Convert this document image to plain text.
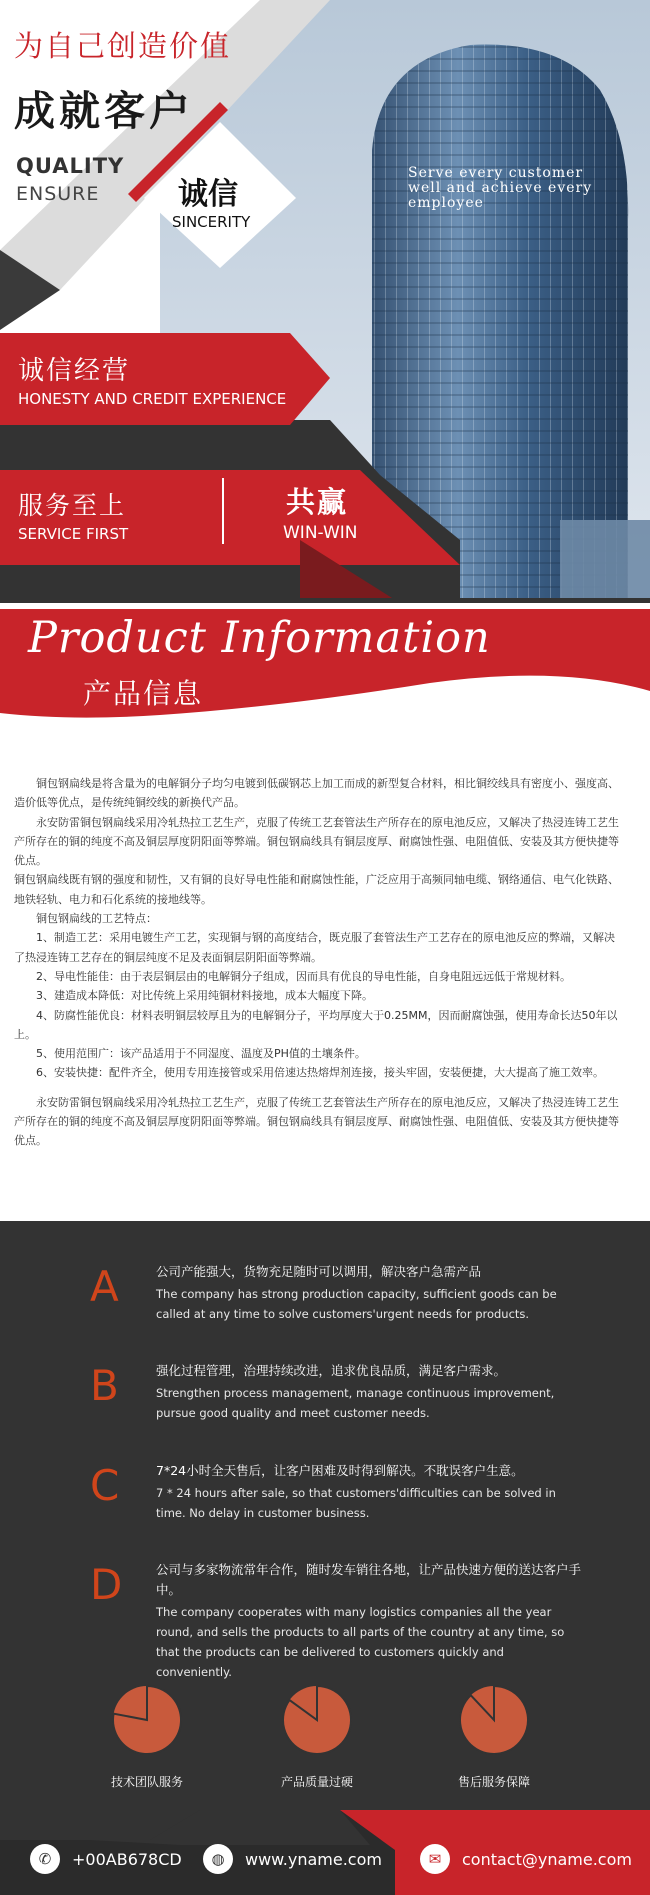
为自己创造价值
成就客户
QUALITY
ENSURE	诚信
SINCERITY
Serve every customer well and achieve every employee
诚信经营
HONESTY AND CREDIT EXPERIENCE
服务至上
SERVICE FIRST
共赢
WIN-WIN
Product Information
产品信息

　　铜包钢扁线是将含量为的电解铜分子均匀电镀到低碳钢芯上加工而成的新型复合材料，相比铜绞线具有密度小、强度高、造价低等优点，是传统纯铜绞线的新换代产品。

　　永安防雷铜包钢扁线采用冷轧热拉工艺生产，克服了传统工艺套管法生产所存在的原电池反应，又解决了热浸连铸工艺生产所存在的铜的纯度不高及铜层厚度阴阳面等弊端。铜包钢扁线具有铜层度厚、耐腐蚀性强、电阻值低、安装及其方便快捷等优点。

铜包钢扁线既有钢的强度和韧性，又有铜的良好导电性能和耐腐蚀性能，广泛应用于高频同轴电缆、钢络通信、电气化铁路、地铁轻轨、电力和石化系统的接地线等。

　　铜包钢扁线的工艺特点：

　　1、制造工艺：采用电镀生产工艺，实现铜与钢的高度结合，既克服了套管法生产工艺存在的原电池反应的弊端，又解决了热浸连铸工艺存在的铜层纯度不足及表面铜层阴阳面等弊端。

　　2、导电性能佳：由于表层铜层由的电解铜分子组成，因而具有优良的导电性能，自身电阻远远低于常规材料。

　　3、建造成本降低：对比传统上采用纯铜材料接地，成本大幅度下降。

　　4、防腐性能优良：材料表明铜层较厚且为的电解铜分子，平均厚度大于0.25MM，因而耐腐蚀强，使用寿命长达50年以上。

　　5、使用范围广：该产品适用于不同湿度、温度及PH值的土壤条件。

　　6、安装快捷：配件齐全，使用专用连接管或采用倍速达热熔焊剂连接，接头牢固，安装便捷，大大提高了施工效率。

　　永安防雷铜包钢扁线采用冷轧热拉工艺生产，克服了传统工艺套管法生产所存在的原电池反应，又解决了热浸连铸工艺生产所存在的铜的纯度不高及铜层厚度阴阳面等弊端。铜包钢扁线具有铜层度厚、耐腐蚀性强、电阻值低、安装及其方便快捷等优点。

A	公司产能强大，货物充足随时可以调用，解决客户急需产品
The company has strong production capacity, sufficient goods can be called at any time to solve customers'urgent needs for products.
B	强化过程管理，治理持续改进，追求优良品质，满足客户需求。
Strengthen process management, manage continuous improvement, pursue good quality and meet customer needs.
C	7*24小时全天售后，让客户困难及时得到解决。不耽误客户生意。
7 * 24 hours after sale, so that customers'difficulties can be solved in time. No delay in customer business.
D	公司与多家物流常年合作，随时发车销往各地，让产品快速方便的送达客户手中。
The company cooperates with many logistics companies all the year round, and sells the products to all parts of the country at any time, so that the products can be delivered to customers quickly and conveniently.
技术团队服务	产品质量过硬	售后服务保障
✆	+00AB678CD	◍	www.yname.com	✉	contact@yname.com
